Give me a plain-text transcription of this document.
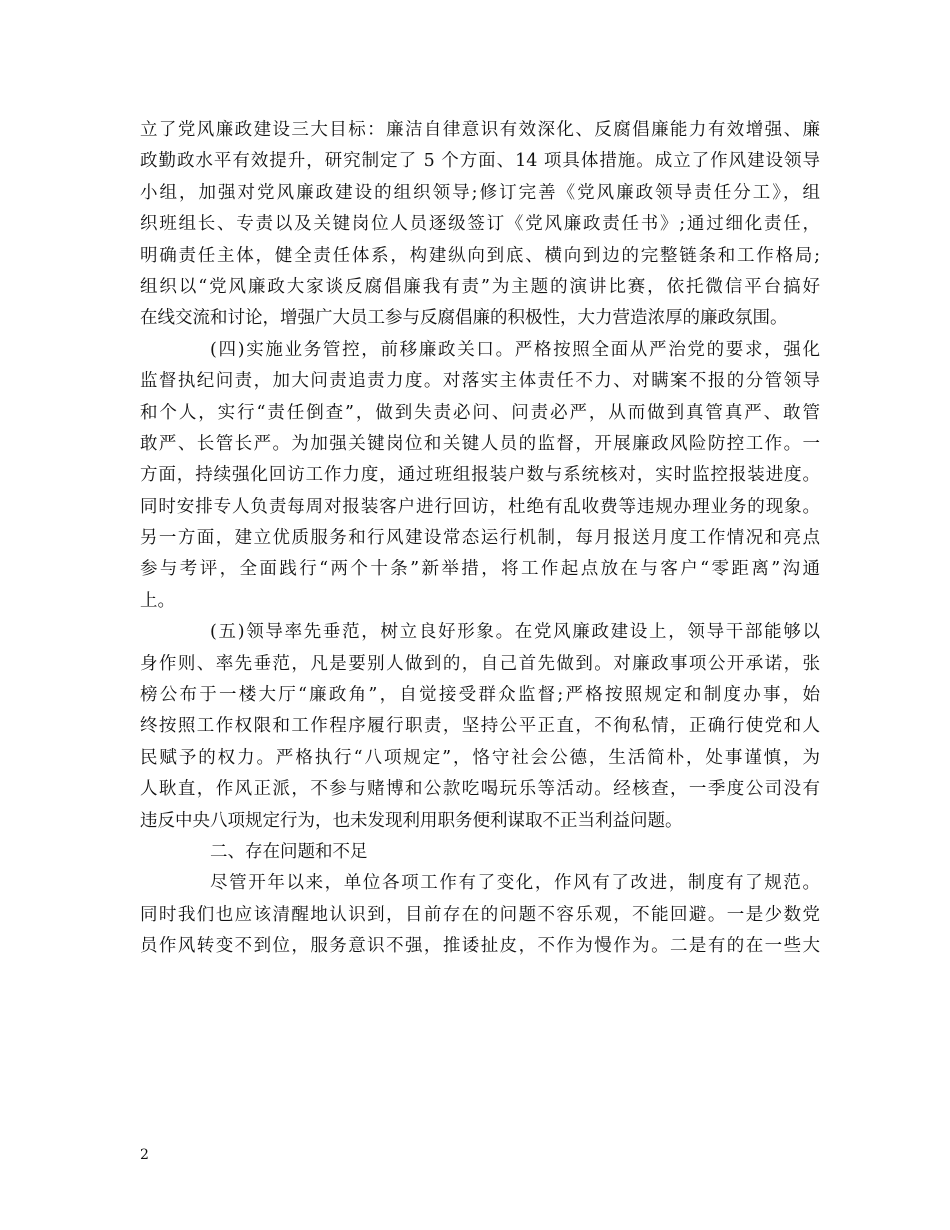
立了党风廉政建设三大目标：廉洁自律意识有效深化、反腐倡廉能力有效增强、廉
政勤政水平有效提升，研究制定了 5 个方面、14 项具体措施。成立了作风建设领导
小组，加强对党风廉政建设的组织领导;修订完善《党风廉政领导责任分工》，组
织班组长、专责以及关键岗位人员逐级签订《党风廉政责任书》;通过细化责任，
明确责任主体，健全责任体系，构建纵向到底、横向到边的完整链条和工作格局;
组织以“党风廉政大家谈反腐倡廉我有责”为主题的演讲比赛，依托微信平台搞好
在线交流和讨论，增强广大员工参与反腐倡廉的积极性，大力营造浓厚的廉政氛围。
(四)实施业务管控，前移廉政关口。严格按照全面从严治党的要求，强化
监督执纪问责，加大问责追责力度。对落实主体责任不力、对瞒案不报的分管领导
和个人，实行“责任倒查”，做到失责必问、问责必严，从而做到真管真严、敢管
敢严、长管长严。为加强关键岗位和关键人员的监督，开展廉政风险防控工作。一
方面，持续强化回访工作力度，通过班组报装户数与系统核对，实时监控报装进度。
同时安排专人负责每周对报装客户进行回访，杜绝有乱收费等违规办理业务的现象。
另一方面，建立优质服务和行风建设常态运行机制，每月报送月度工作情况和亮点
参与考评，全面践行“两个十条”新举措，将工作起点放在与客户“零距离”沟通
上。
(五)领导率先垂范，树立良好形象。在党风廉政建设上，领导干部能够以
身作则、率先垂范，凡是要别人做到的，自己首先做到。对廉政事项公开承诺，张
榜公布于一楼大厅“廉政角”，自觉接受群众监督;严格按照规定和制度办事，始
终按照工作权限和工作程序履行职责，坚持公平正直，不徇私情，正确行使党和人
民赋予的权力。严格执行“八项规定”，恪守社会公德，生活简朴，处事谨慎，为
人耿直，作风正派，不参与赌博和公款吃喝玩乐等活动。经核查，一季度公司没有
违反中央八项规定行为，也未发现利用职务便利谋取不正当利益问题。
二、存在问题和不足
尽管开年以来，单位各项工作有了变化，作风有了改进，制度有了规范。
同时我们也应该清醒地认识到，目前存在的问题不容乐观，不能回避。一是少数党
员作风转变不到位，服务意识不强，推诿扯皮，不作为慢作为。二是有的在一些大
2
